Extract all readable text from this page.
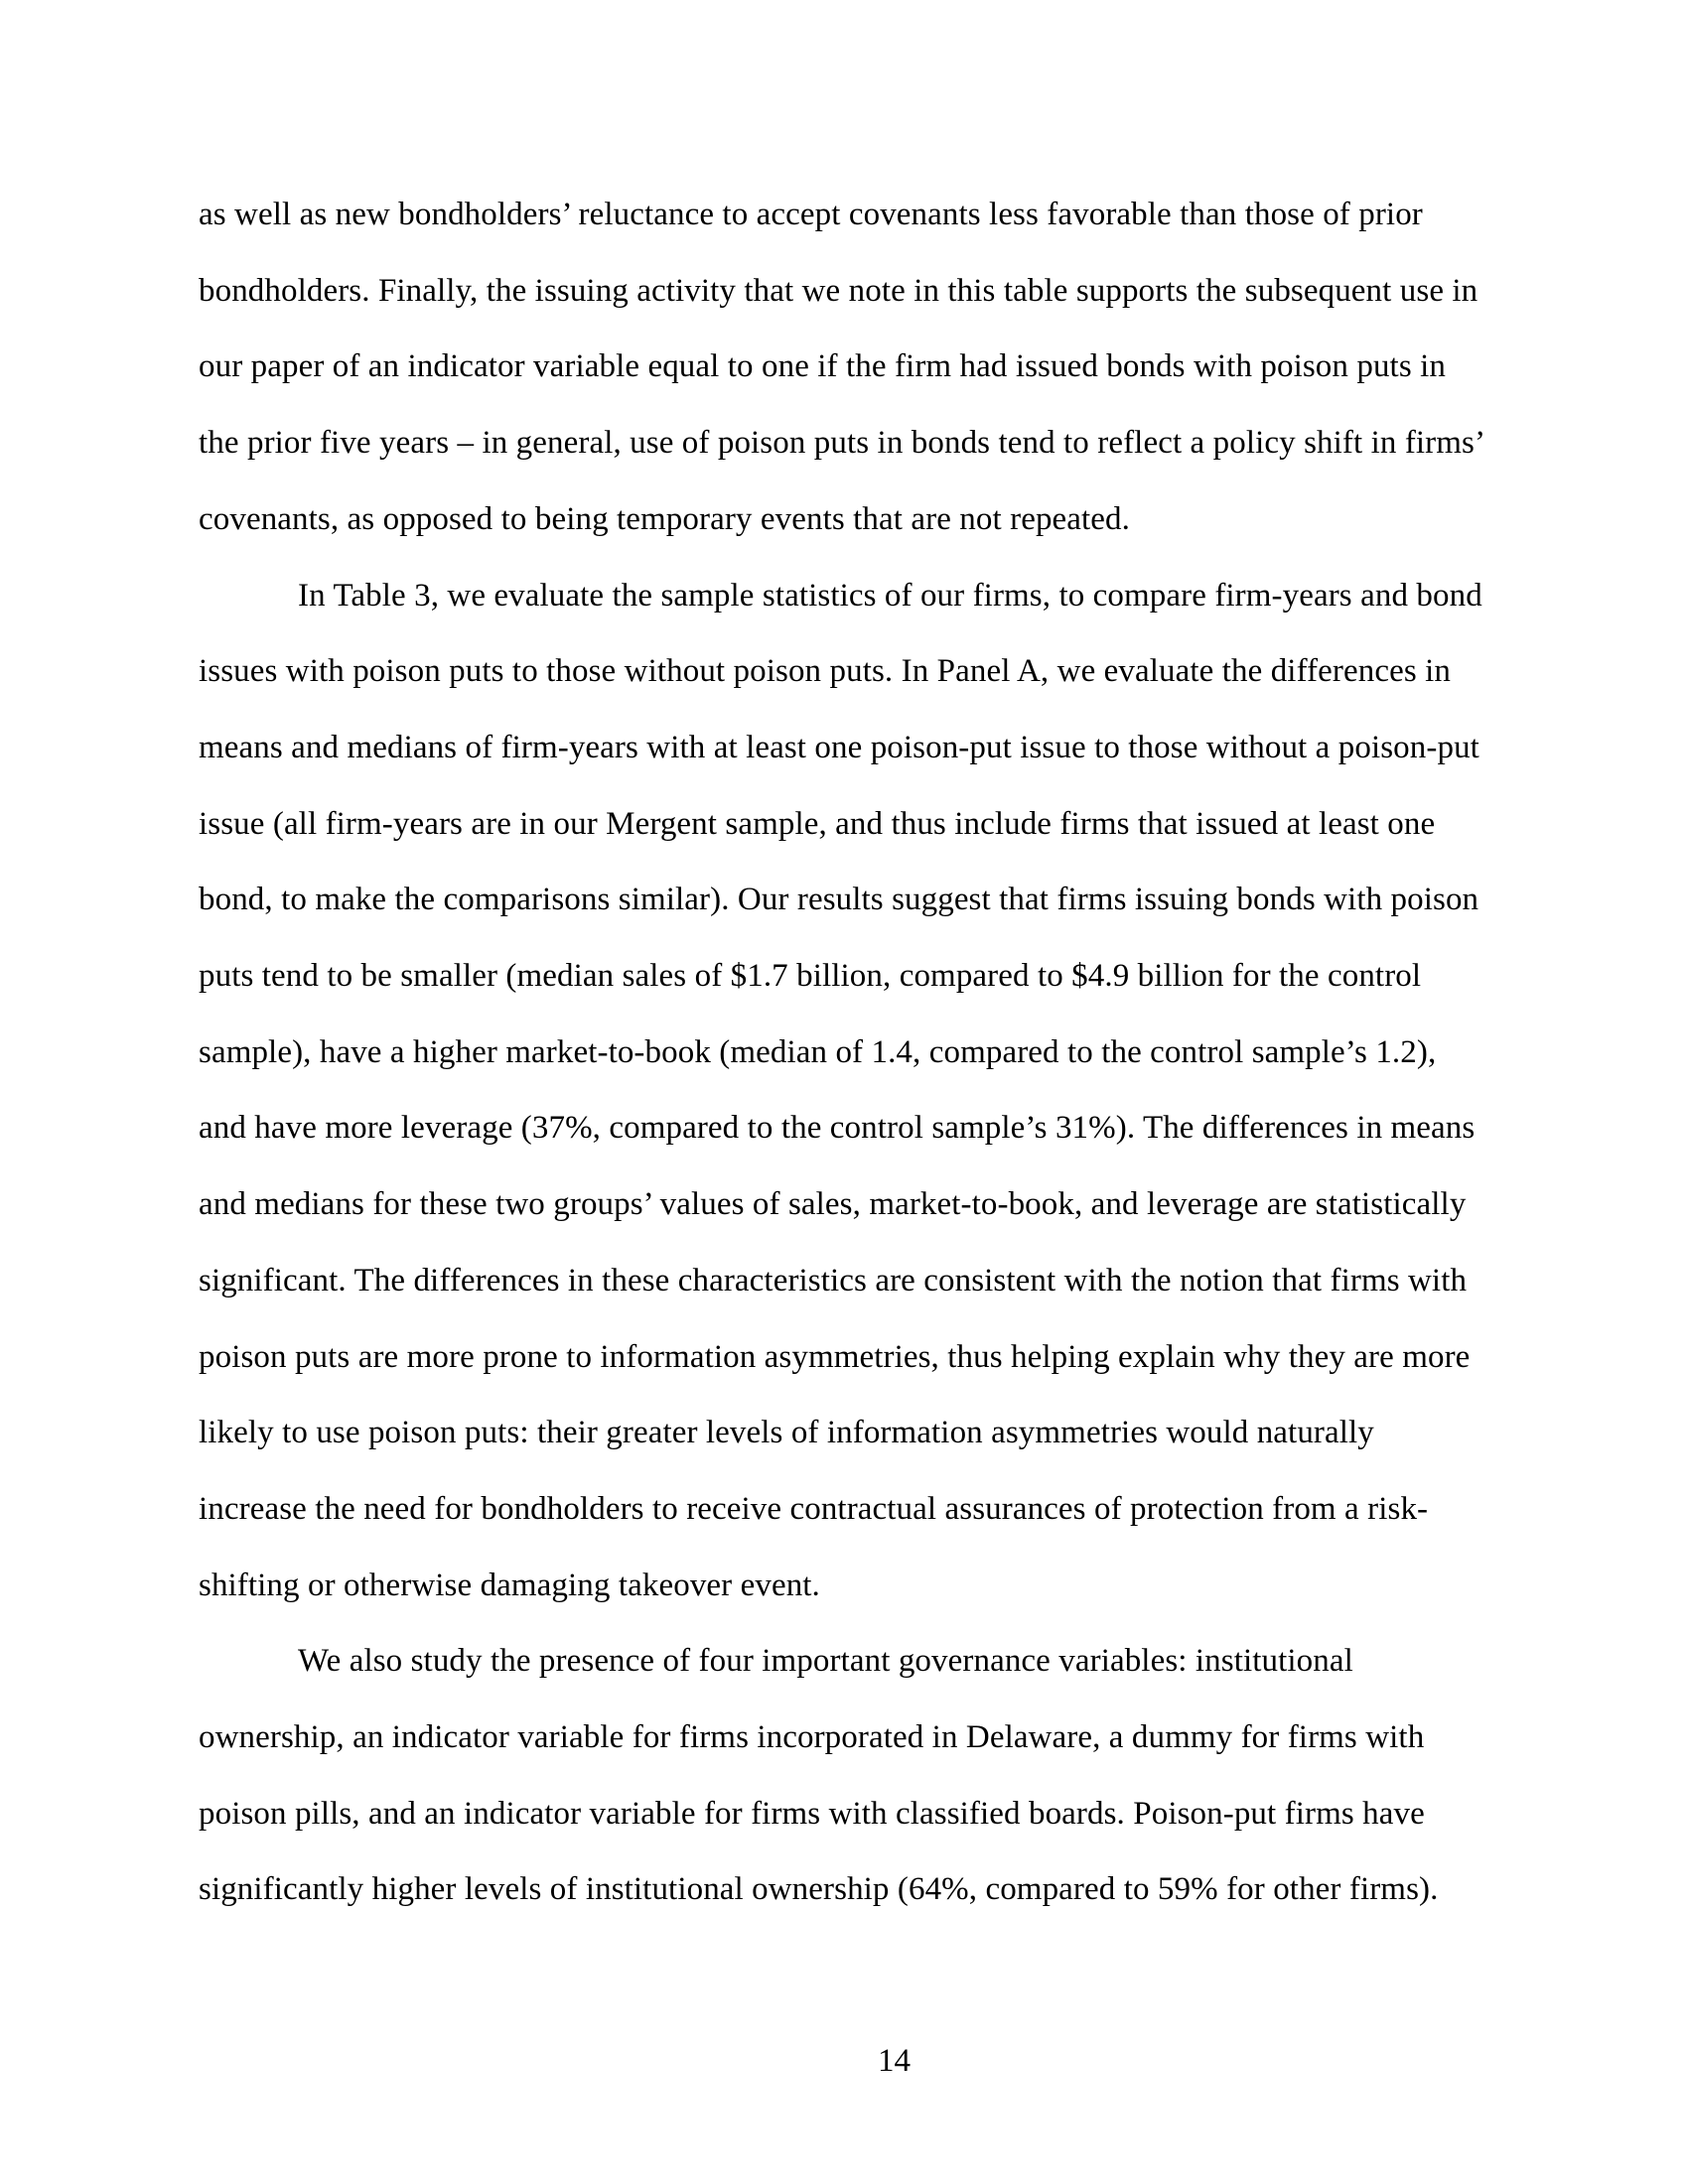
as well as new bondholders’ reluctance to accept covenants less favorable than those of prior
bondholders. Finally, the issuing activity that we note in this table supports the subsequent use in
our paper of an indicator variable equal to one if the firm had issued bonds with poison puts in
the prior five years – in general, use of poison puts in bonds tend to reflect a policy shift in firms’
covenants, as opposed to being temporary events that are not repeated.
In Table 3, we evaluate the sample statistics of our firms, to compare firm-years and bond
issues with poison puts to those without poison puts. In Panel A, we evaluate the differences in
means and medians of firm-years with at least one poison-put issue to those without a poison-put
issue (all firm-years are in our Mergent sample, and thus include firms that issued at least one
bond, to make the comparisons similar). Our results suggest that firms issuing bonds with poison
puts tend to be smaller (median sales of $1.7 billion, compared to $4.9 billion for the control
sample), have a higher market-to-book (median of 1.4, compared to the control sample’s 1.2),
and have more leverage (37%, compared to the control sample’s 31%). The differences in means
and medians for these two groups’ values of sales, market-to-book, and leverage are statistically
significant. The differences in these characteristics are consistent with the notion that firms with
poison puts are more prone to information asymmetries, thus helping explain why they are more
likely to use poison puts: their greater levels of information asymmetries would naturally
increase the need for bondholders to receive contractual assurances of protection from a risk-
shifting or otherwise damaging takeover event.
We also study the presence of four important governance variables: institutional
ownership, an indicator variable for firms incorporated in Delaware, a dummy for firms with
poison pills, and an indicator variable for firms with classified boards. Poison-put firms have
significantly higher levels of institutional ownership (64%, compared to 59% for other firms).
14
